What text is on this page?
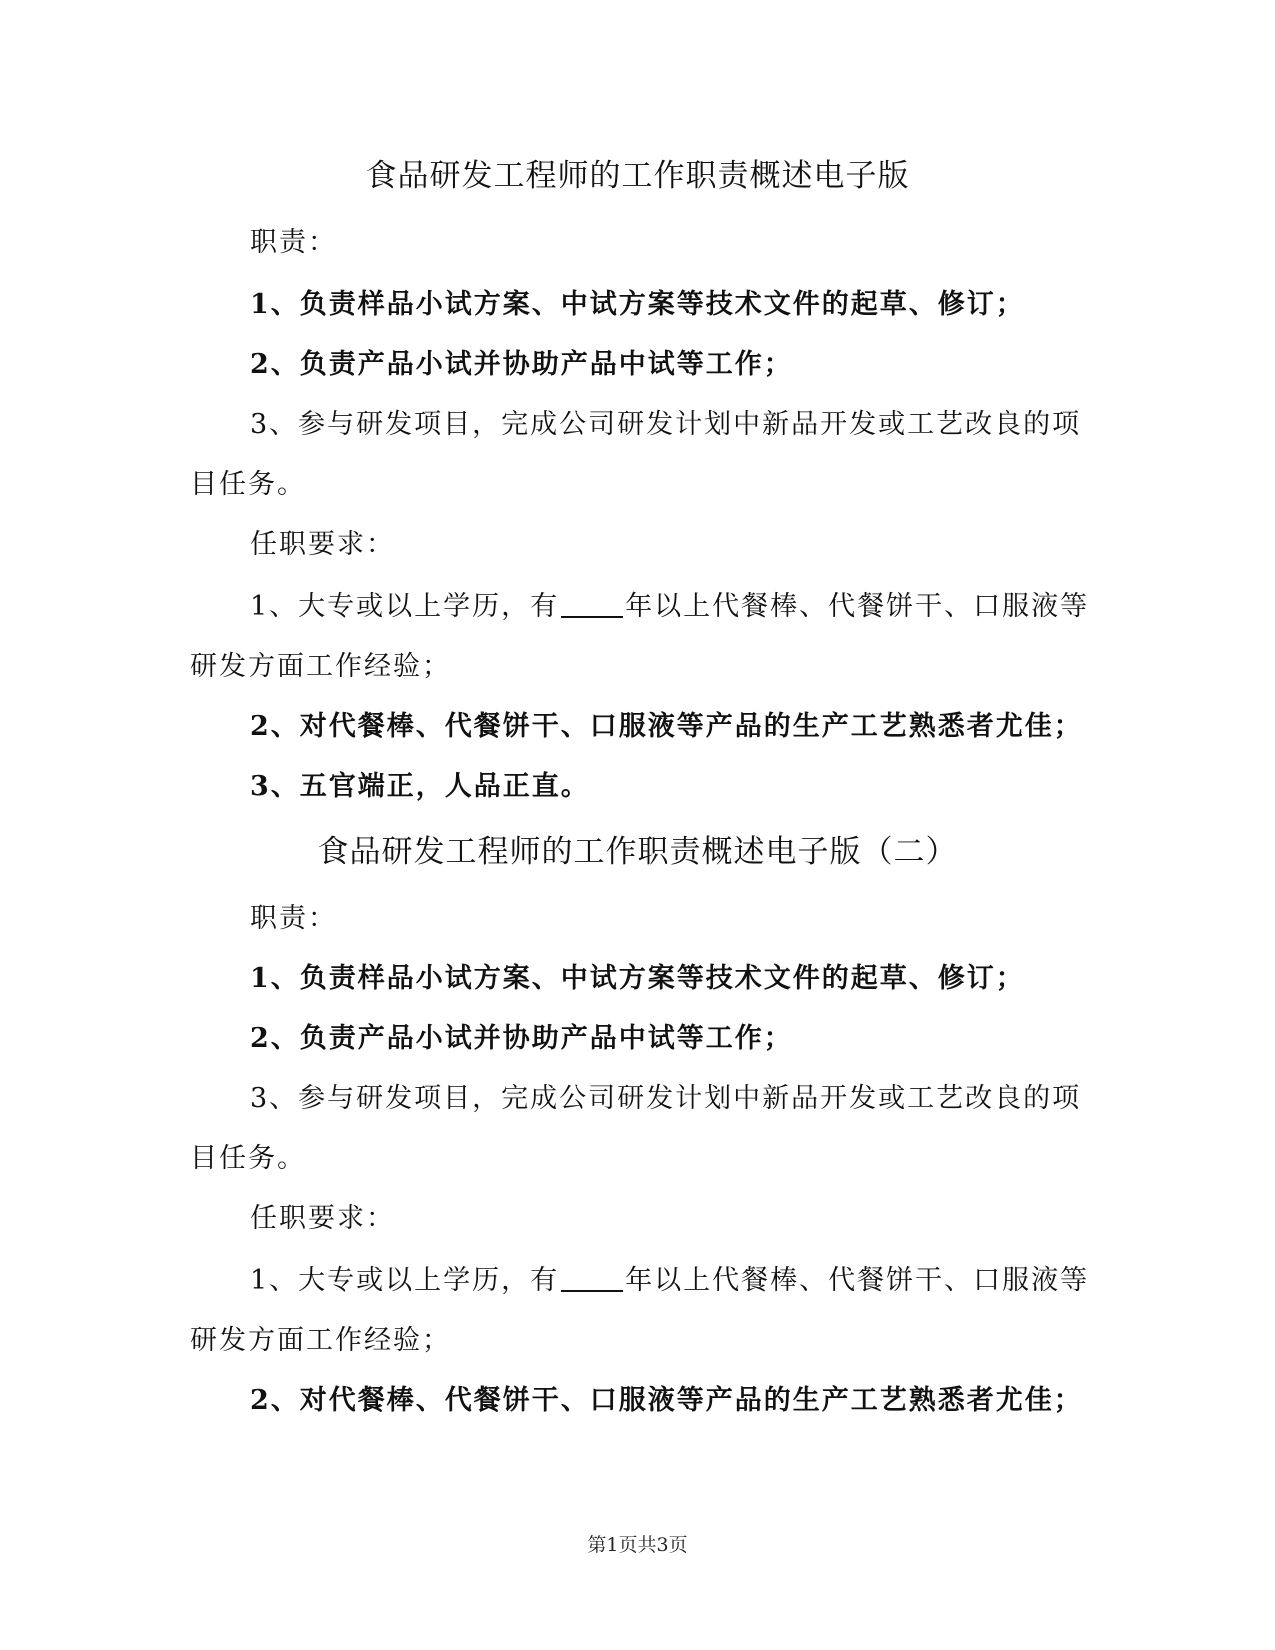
食品研发工程师的工作职责概述电子版
职责：
1、负责样品小试方案、中试方案等技术文件的起草、修订；
2、负责产品小试并协助产品中试等工作；
3、参与研发项目，完成公司研发计划中新品开发或工艺改良的项
目任务。
任职要求：
1、大专或以上学历，有 年以上代餐棒、代餐饼干、口服液等
研发方面工作经验；
2、对代餐棒、代餐饼干、口服液等产品的生产工艺熟悉者尤佳；
3、五官端正，人品正直。
食品研发工程师的工作职责概述电子版（二）
职责：
1、负责样品小试方案、中试方案等技术文件的起草、修订；
2、负责产品小试并协助产品中试等工作；
3、参与研发项目，完成公司研发计划中新品开发或工艺改良的项
目任务。
任职要求：
1、大专或以上学历，有 年以上代餐棒、代餐饼干、口服液等
研发方面工作经验；
2、对代餐棒、代餐饼干、口服液等产品的生产工艺熟悉者尤佳；
第1页共3页
